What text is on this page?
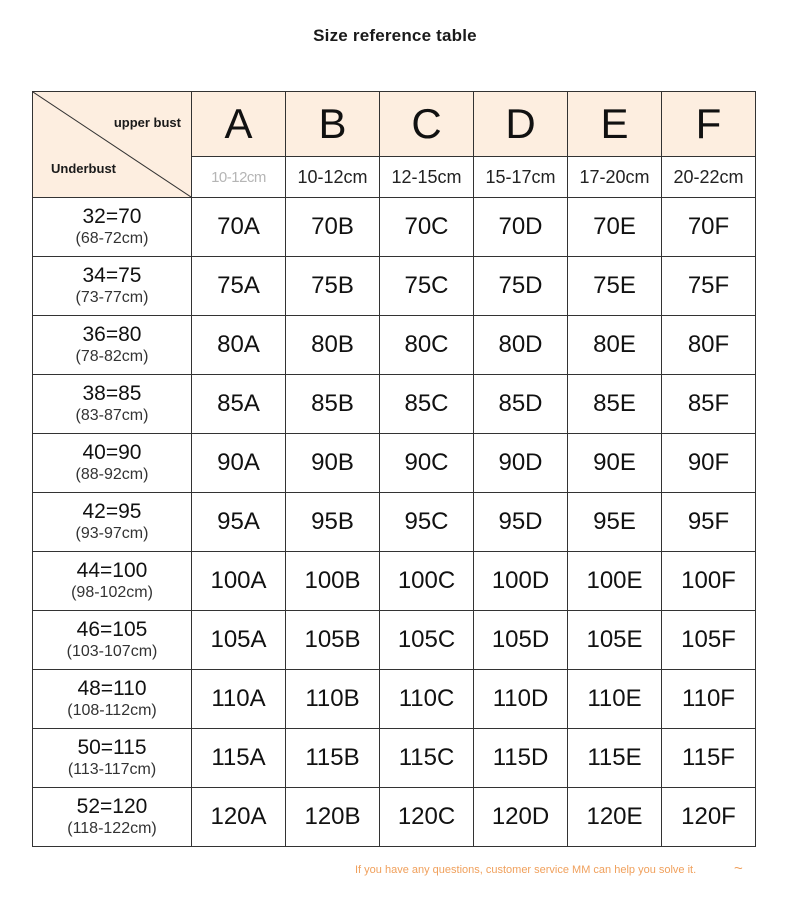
Size reference table
upper bust
Underbust	A	B	C	D	E	F
	10-12cm	10-12cm	12-15cm	15-17cm	17-20cm	20-22cm

32=70
(68-72cm)	70A	70B	70C	70D	70E	70F

34=75
(73-77cm)	75A	75B	75C	75D	75E	75F

36=80
(78-82cm)	80A	80B	80C	80D	80E	80F

38=85
(83-87cm)	85A	85B	85C	85D	85E	85F

40=90
(88-92cm)	90A	90B	90C	90D	90E	90F

42=95
(93-97cm)	95A	95B	95C	95D	95E	95F

44=100
(98-102cm)	100A	100B	100C	100D	100E	100F

46=105
(103-107cm)	105A	105B	105C	105D	105E	105F

48=110
(108-112cm)	110A	110B	110C	110D	110E	110F

50=115
(113-117cm)	115A	115B	115C	115D	115E	115F

52=120
(118-122cm)	120A	120B	120C	120D	120E	120F
If you have any questions, customer service MM can help you solve it.	~
